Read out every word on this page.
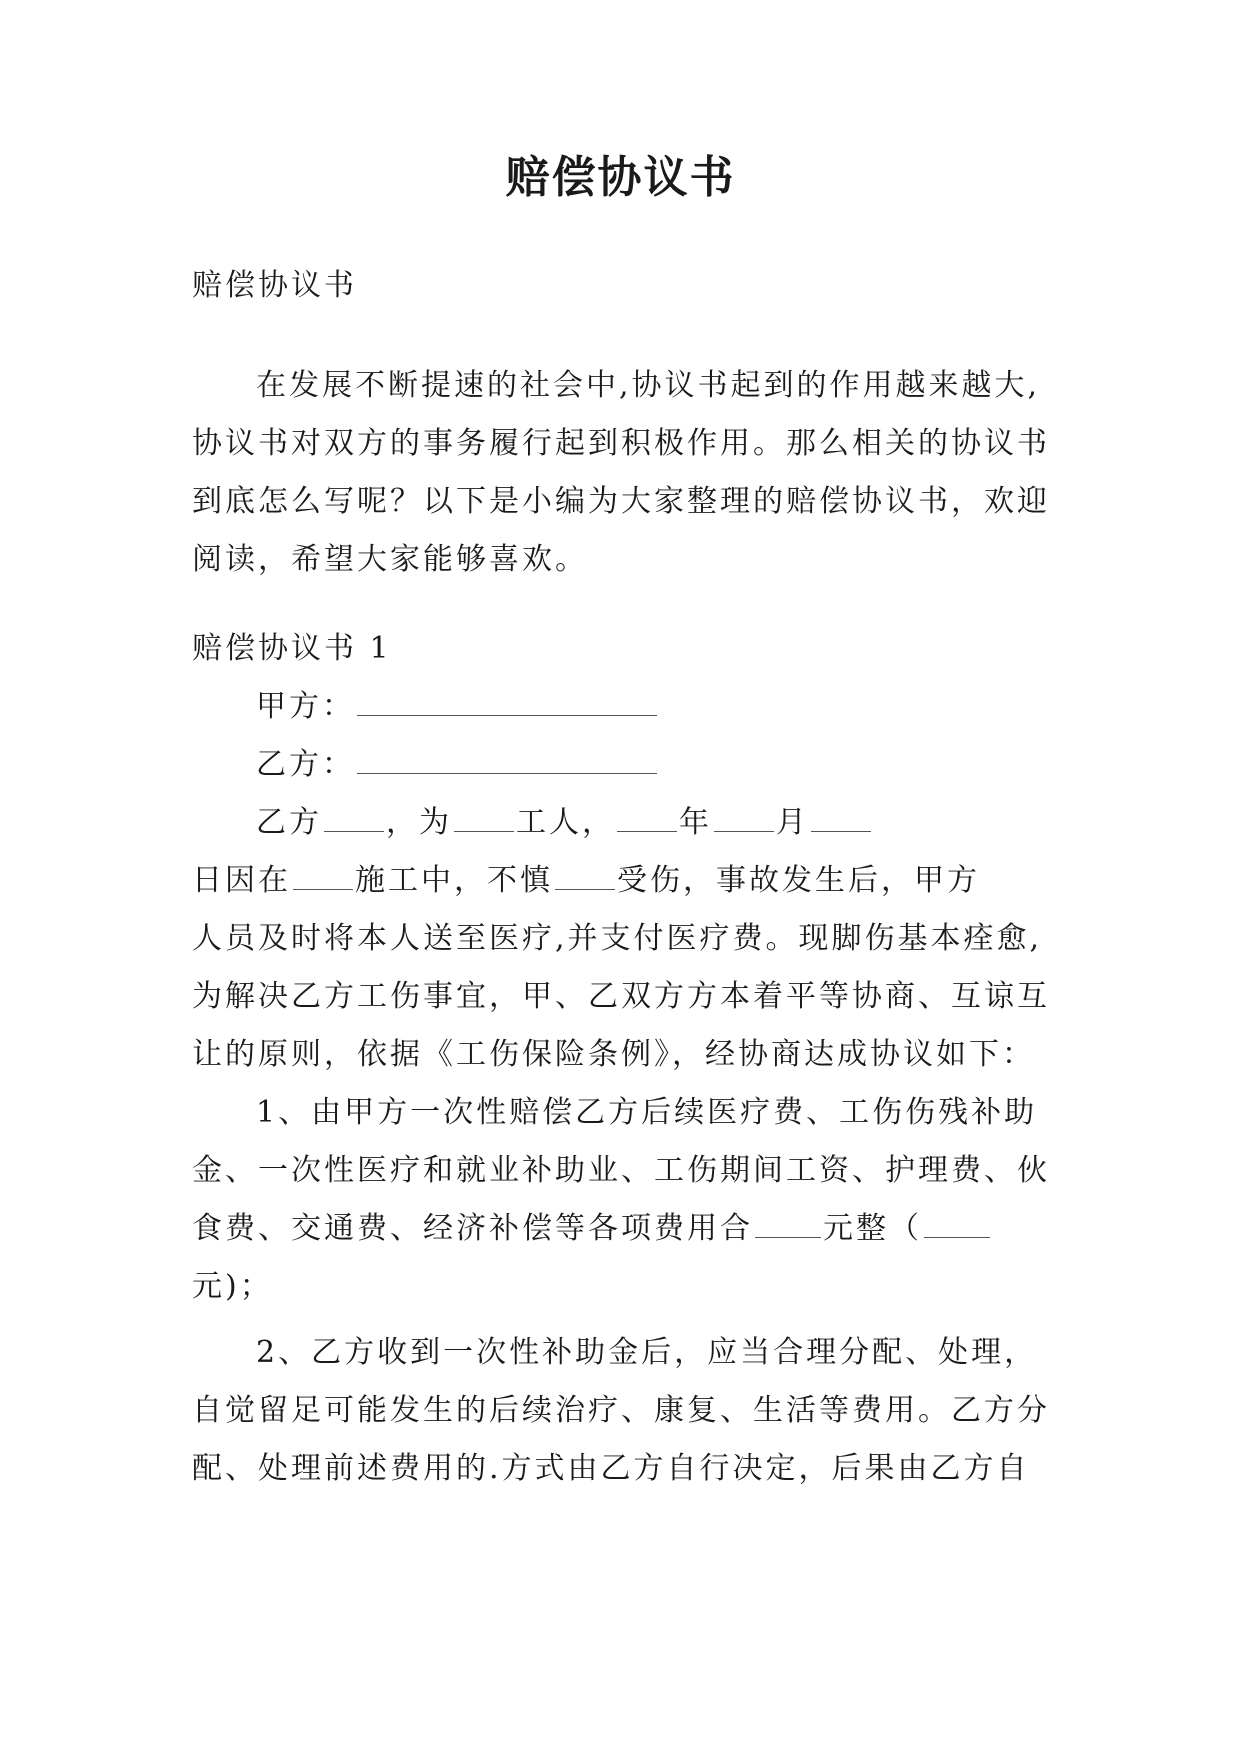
赔偿协议书
赔偿协议书
在发展不断提速的社会中,协议书起到的作用越来越大,
协议书对双方的事务履行起到积极作用。那么相关的协议书
到底怎么写呢？以下是小编为大家整理的赔偿协议书，欢迎
阅读，希望大家能够喜欢。
赔偿协议书 1
甲方：
乙方：
乙方 ，为 工人， 年 月
日因在 施工中，不慎 受伤，事故发生后，甲方
人员及时将本人送至医疗,并支付医疗费。现脚伤基本痊愈,
为解决乙方工伤事宜，甲、乙双方方本着平等协商、互谅互
让的原则，依据《工伤保险条例》，经协商达成协议如下：
1、由甲方一次性赔偿乙方后续医疗费、工伤伤残补助
金、一次性医疗和就业补助业、工伤期间工资、护理费、伙
食费、交通费、经济补偿等各项费用合 元整（
元)；
2、乙方收到一次性补助金后，应当合理分配、处理，
自觉留足可能发生的后续治疗、康复、生活等费用。乙方分
配、处理前述费用的.方式由乙方自行决定，后果由乙方自
